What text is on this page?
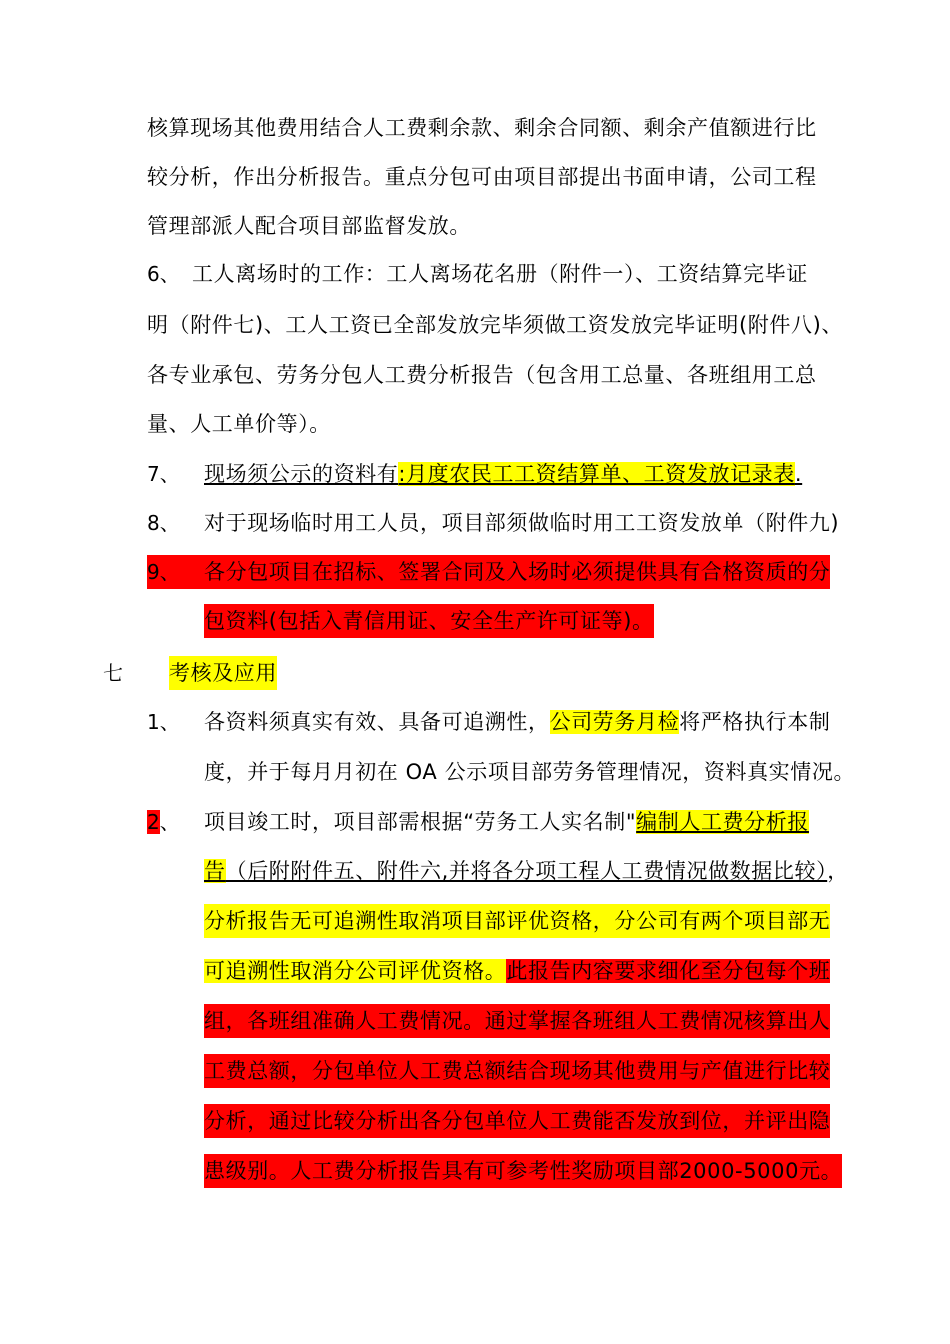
核算现场其他费用结合人工费剩余款、剩余合同额、剩余产值额进行比
较分析，作出分析报告。重点分包可由项目部提出书面申请，公司工程
管理部派人配合项目部监督发放。
6、 工人离场时的工作：工人离场花名册（附件一）、工资结算完毕证
明（附件七)、工人工资已全部发放完毕须做工资发放完毕证明(附件八)、
各专业承包、劳务分包人工费分析报告（包含用工总量、各班组用工总
量、人工单价等）。
7、 现场须公示的资料有:月度农民工工资结算单、工资发放记录表.
8、 对于现场临时用工人员，项目部须做临时用工工资发放单（附件九)
9、	各分包项目在招标、签署合同及入场时必须提供具有合格资质的分
包资料(包括入青信用证、安全生产许可证等)。
七 考核及应用
1、 各资料须真实有效、具备可追溯性，公司劳务月检将严格执行本制
度，并于每月月初在 OA 公示项目部劳务管理情况，资料真实情况。
2、 项目竣工时，项目部需根据“劳务工人实名制"编制人工费分析报
告（后附附件五、附件六,并将各分项工程人工费情况做数据比较），
分析报告无可追溯性取消项目部评优资格，分公司有两个项目部无
可追溯性取消分公司评优资格。此报告内容要求细化至分包每个班
组，各班组准确人工费情况。通过掌握各班组人工费情况核算出人
工费总额，分包单位人工费总额结合现场其他费用与产值进行比较
分析，通过比较分析出各分包单位人工费能否发放到位，并评出隐
患级别。人工费分析报告具有可参考性奖励项目部2000-5000元。
